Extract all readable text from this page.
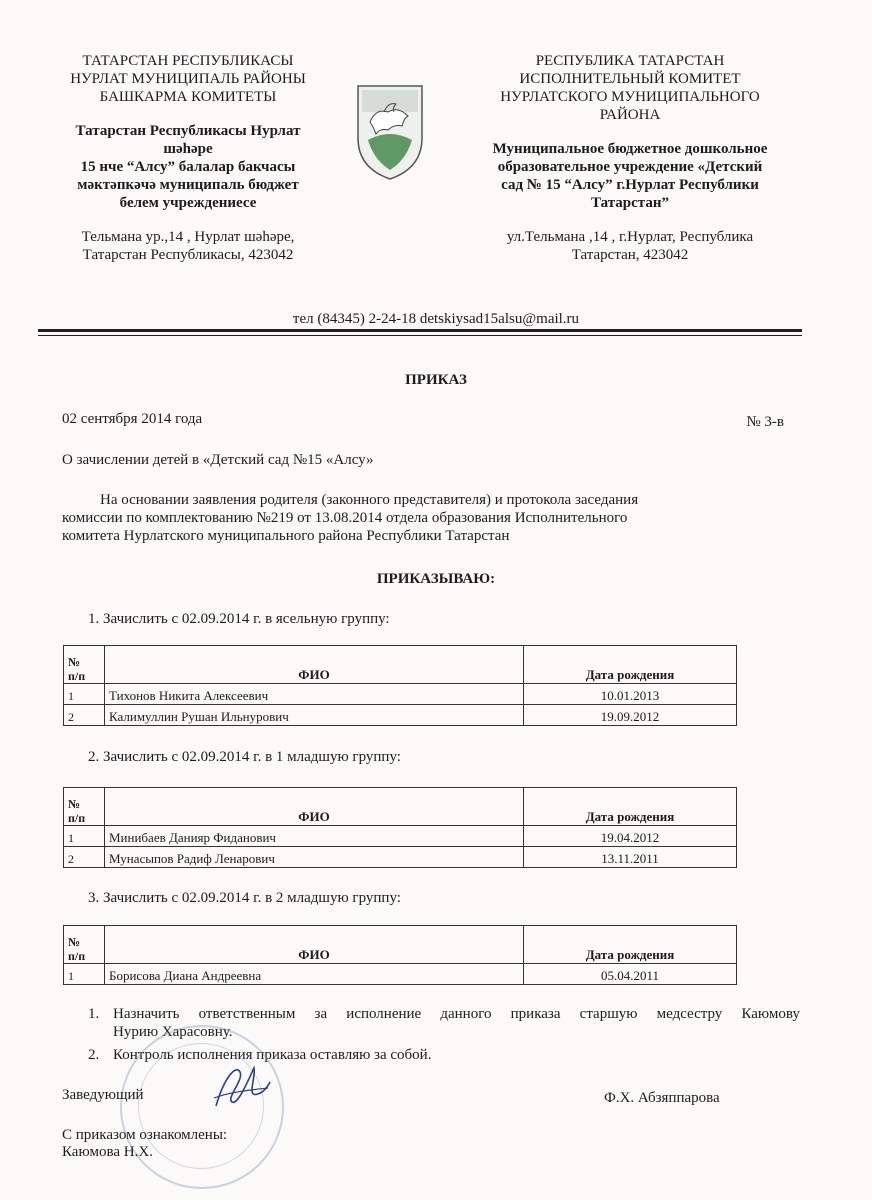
ТАТАРСТАН РЕСПУБЛИКАСЫ
НУРЛАТ МУНИЦИПАЛЬ РАЙОНЫ
БАШКАРМА КОМИТЕТЫ
Татарстан Республикасы Нурлат
шәһәре
15 нче “Алсу” балалар бакчасы
мәктәпкәчә муниципаль бюджет
белем учреждениесе
Тельмана ур.,14 , Нурлат шәһәре,
Татарстан Республикасы, 423042
РЕСПУБЛИКА ТАТАРСТАН
ИСПОЛНИТЕЛЬНЫЙ КОМИТЕТ
НУРЛАТСКОГО МУНИЦИПАЛЬНОГО
РАЙОНА
Муниципальное бюджетное дошкольное
образовательное учреждение «Детский
сад № 15 “Алсу” г.Нурлат Республики
Татарстан”
ул.Тельмана ,14 , г.Нурлат, Республика
Татарстан, 423042
тел (84345) 2-24-18 detskiysad15alsu@mail.ru
ПРИКАЗ
02 сентября 2014 года	№ 3-в
О зачислении детей в «Детский сад №15 «Алсу»
На основании заявления родителя (законного представителя) и протокола заседания
комиссии по комплектованию №219 от 13.08.2014 отдела образования Исполнительного
комитета Нурлатского муниципального района Республики Татарстан
ПРИКАЗЫВАЮ:
1. Зачислить с 02.09.2014 г. в ясельную группу:
№
п/п	ФИО	Дата рождения
1	Тихонов Никита Алексеевич	10.01.2013
2	Калимуллин Рушан Ильнурович	19.09.2012
2. Зачислить с 02.09.2014 г. в 1 младшую группу:
№
п/п	ФИО	Дата рождения
1	Минибаев Данияр Фиданович	19.04.2012
2	Мунасыпов Радиф Ленарович	13.11.2011
3. Зачислить с 02.09.2014 г. в 2 младшую группу:
№
п/п	ФИО	Дата рождения
1	Борисова Диана Андреевна	05.04.2011
1. Назначить ответственным за исполнение данного приказа старшую медсестру Каюмову
Нурию Харасовну.
2. Контроль исполнения приказа оставляю за собой.
Заведующий	Ф.Х. Абзяппарова
С приказом ознакомлены:
Каюмова Н.Х.
